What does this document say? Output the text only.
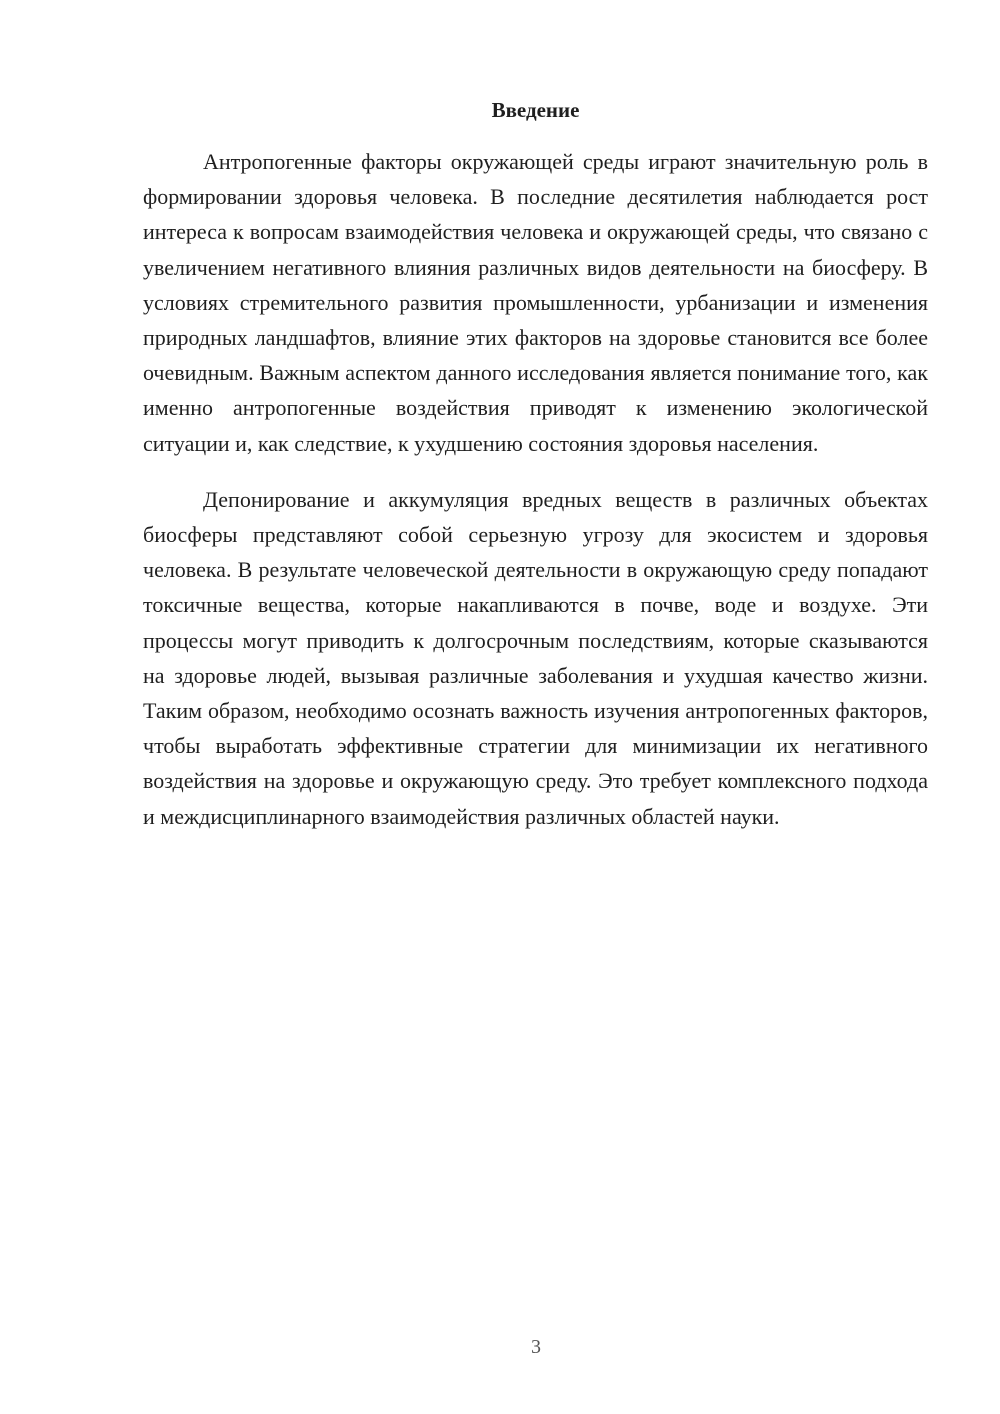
Введение

Антропогенные факторы окружающей среды играют значительную роль в формировании здоровья человека. В последние десятилетия наблюдается рост интереса к вопросам взаимодействия человека и окружающей среды, что связано с увеличением негативного влияния различных видов деятельности на биосферу. В условиях стремительного развития промышленности, урбанизации и изменения природных ландшафтов, влияние этих факторов на здоровье становится все более очевидным. Важным аспектом данного исследования является понимание того, как именно антропогенные воздействия приводят к изменению экологической ситуации и, как следствие, к ухудшению состояния здоровья населения.

Депонирование и аккумуляция вредных веществ в различных объектах биосферы представляют собой серьезную угрозу для экосистем и здоровья человека. В результате человеческой деятельности в окружающую среду попадают токсичные вещества, которые накапливаются в почве, воде и воздухе. Эти процессы могут приводить к долгосрочным последствиям, которые сказываются на здоровье людей, вызывая различные заболевания и ухудшая качество жизни. Таким образом, необходимо осознать важность изучения антропогенных факторов, чтобы выработать эффективные стратегии для минимизации их негативного воздействия на здоровье и окружающую среду. Это требует комплексного подхода и междисциплинарного взаимодействия различных областей науки.

3
